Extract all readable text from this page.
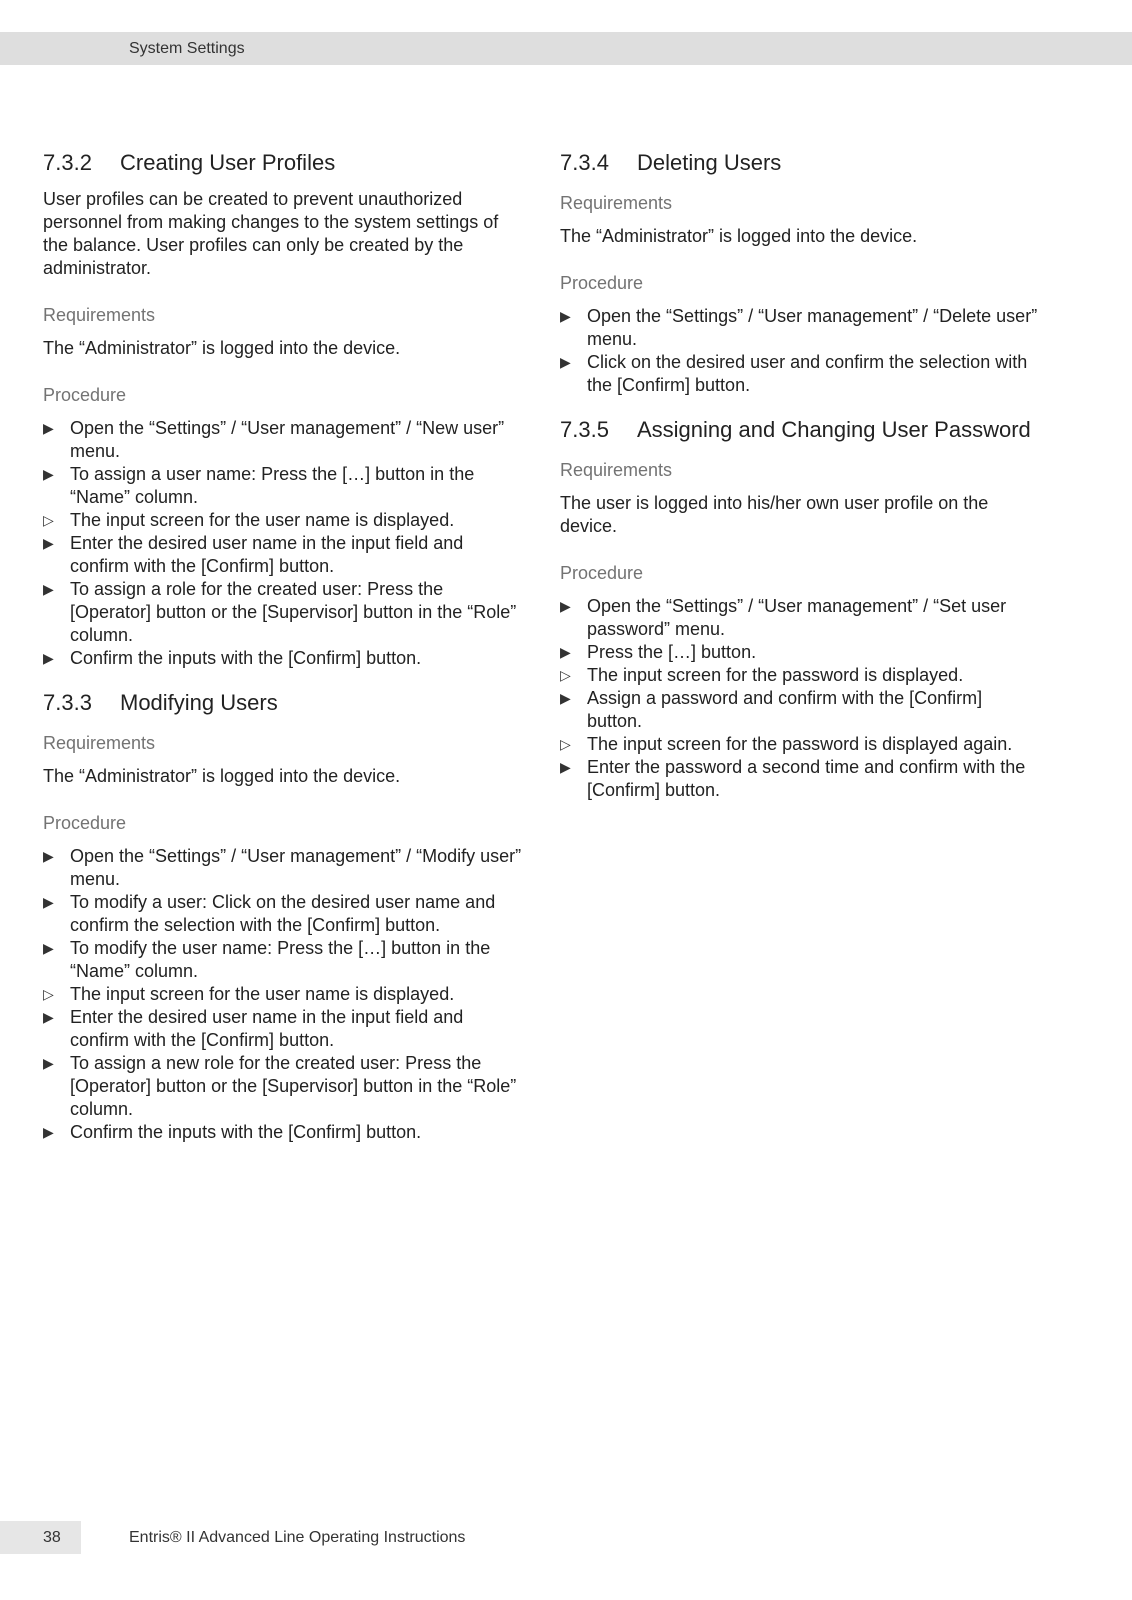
System Settings
7.3.2	Creating User Profiles

User profiles can be created to prevent unauthorized personnel from making changes to the system settings of the balance. User profiles can only be created by the administrator.

Requirements

The “Administrator” is logged into the device.

Procedure
▶ Open the “Settings” / “User management” / “New user” menu.
▶ To assign a user name: Press the […] button in the “Name” column.
▷ The input screen for the user name is displayed.
▶ Enter the desired user name in the input field and confirm with the [Confirm] button.
▶ To assign a role for the created user: Press the [Operator] button or the [Supervisor] button in the “Role” column.
▶ Confirm the inputs with the [Confirm] button.
7.3.3	Modifying Users
Requirements

The “Administrator” is logged into the device.

Procedure
▶ Open the “Settings” / “User management” / “Modify user” menu.
▶ To modify a user: Click on the desired user name and confirm the selection with the [Confirm] button.
▶ To modify the user name: Press the […] button in the “Name” column.
▷ The input screen for the user name is displayed.
▶ Enter the desired user name in the input field and confirm with the [Confirm] button.
▶ To assign a new role for the created user: Press the [Operator] button or the [Supervisor] button in the “Role” column.
▶ Confirm the inputs with the [Confirm] button.
7.3.4	Deleting Users
Requirements

The “Administrator” is logged into the device.

Procedure
▶ Open the “Settings” / “User management” / “Delete user” menu.
▶ Click on the desired user and confirm the selection with the [Confirm] button.
7.3.5	Assigning and Changing User Password
Requirements

The user is logged into his/her own user profile on the device.

Procedure
▶ Open the “Settings” / “User management” / “Set user password” menu.
▶ Press the […] button.
▷ The input screen for the password is displayed.
▶ Assign a password and confirm with the [Confirm] button.
▷ The input screen for the password is displayed again.
▶ Enter the password a second time and confirm with the [Confirm] button.
38	Entris® II Advanced Line Operating Instructions
